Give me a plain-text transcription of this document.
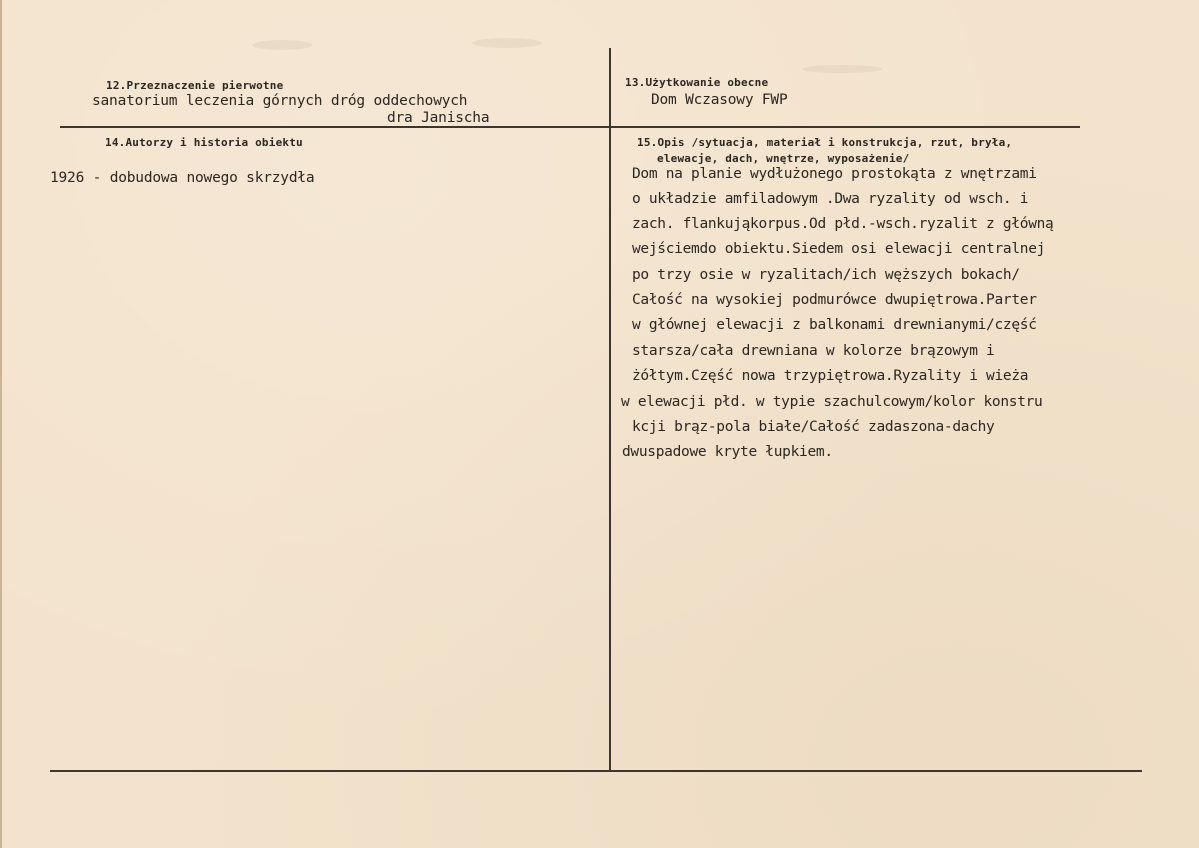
12.Przeznaczenie pierwotne
sanatorium leczenia górnych dróg oddechowych
dra Janischa
13.Użytkowanie obecne
Dom Wczasowy FWP
14.Autorzy i historia obiektu
1926 - dobudowa nowego skrzydła
15.Opis /sytuacja, materiał i konstrukcja, rzut, bryła,
elewacje, dach, wnętrze, wyposażenie/
Dom na planie wydłużonego prostokąta z wnętrzami
o układzie amfiladowym .Dwa ryzality od wsch. i
zach. flankująkorpus.Od płd.-wsch.ryzalit z główną
wejściemdo obiektu.Siedem osi elewacji centralnej
po trzy osie w ryzalitach/ich węższych bokach/
Całość na wysokiej podmurówce dwupiętrowa.Parter
w głównej elewacji z balkonami drewnianymi/część
starsza/cała drewniana w kolorze brązowym i
żółtym.Część nowa trzypiętrowa.Ryzality i wieża
w elewacji płd. w typie szachulcowym/kolor konstru
kcji brąz-pola białe/Całość zadaszona-dachy
dwuspadowe kryte łupkiem.
